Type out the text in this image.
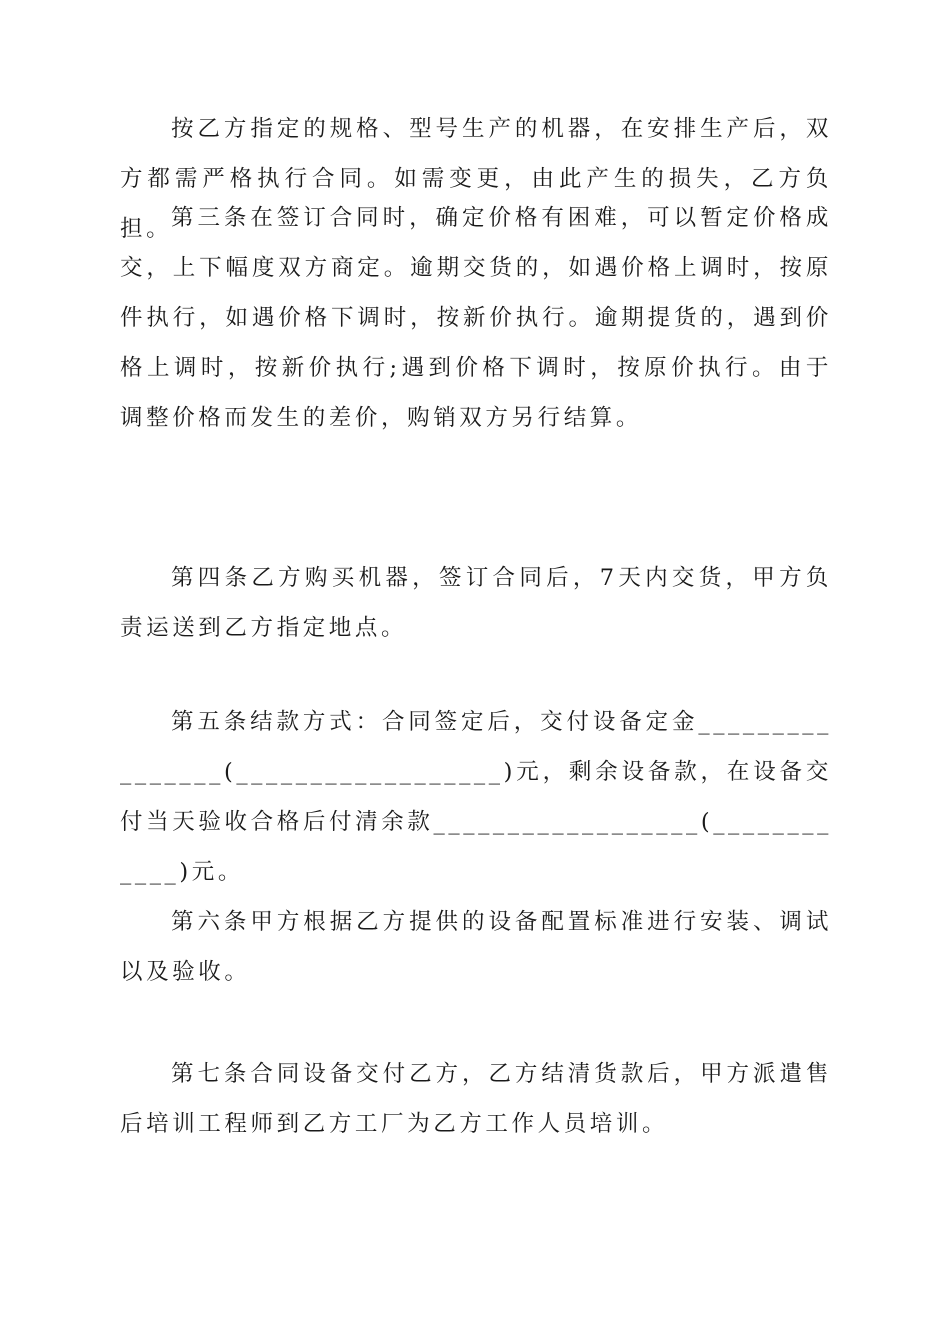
按乙方指定的规格、型号生产的机器，在安排生产后，双方都需严格执行合同。如需变更，由此产生的损失，乙方负担。

第三条在签订合同时，确定价格有困难，可以暂定价格成交，上下幅度双方商定。逾期交货的，如遇价格上调时，按原件执行，如遇价格下调时，按新价执行。逾期提货的，遇到价格上调时，按新价执行;遇到价格下调时，按原价执行。由于调整价格而发生的差价，购销双方另行结算。

第四条乙方购买机器，签订合同后，7天内交货，甲方负责运送到乙方指定地点。

第五条结款方式：合同签定后，交付设备定金________________(__________________)元，剩余设备款，在设备交付当天验收合格后付清余款__________________(____________)元。

第六条甲方根据乙方提供的设备配置标准进行安装、调试以及验收。

第七条合同设备交付乙方，乙方结清货款后，甲方派遣售后培训工程师到乙方工厂为乙方工作人员培训。
